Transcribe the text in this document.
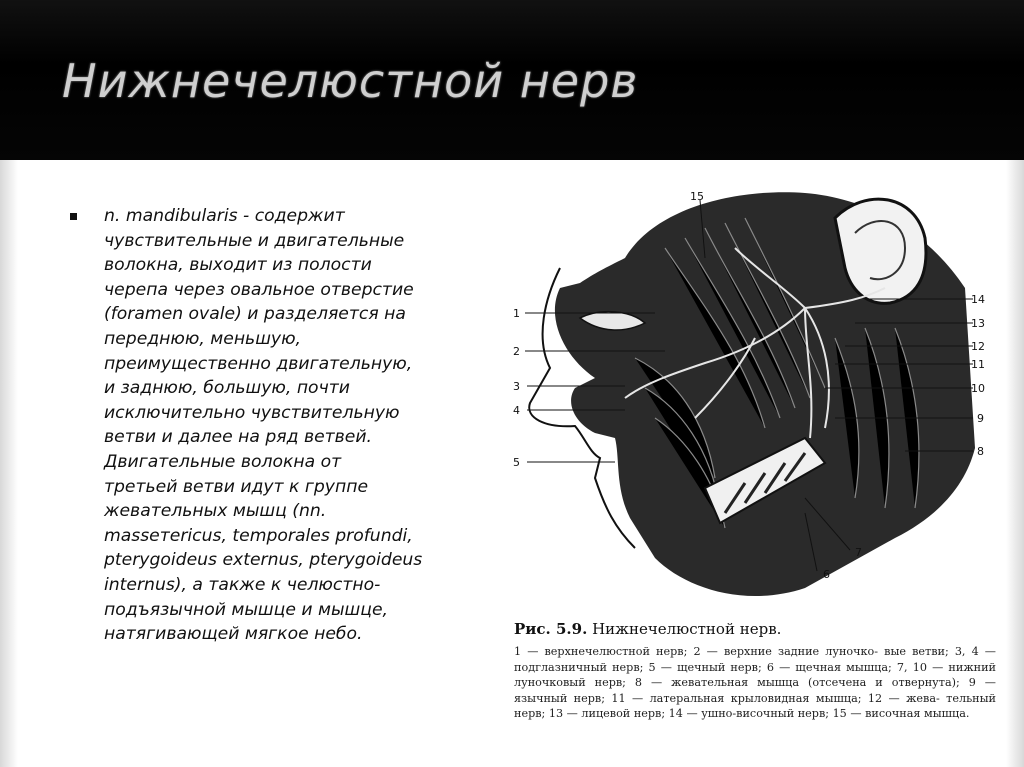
Нижнечелюстной нерв
n. mandibularis - содержит
чувствительные и двигательные
волокна, выходит из полости
черепа через овальное отверстие
(foramen ovale) и разделяется на
переднюю, меньшую,
преимущественно двигательную,
и заднюю, большую, почти
исключительно чувствительную
ветви и далее на ряд ветвей.
Двигательные волокна от
третьей ветви идут к группе
жевательных мышц (nn.
masseтericus, temporales profundi,
pterygoideus externus, pterygoideus
internus), а также к челюстно-
подъязычной мышце и мышце,
натягивающей мягкое небо.
1
2
3
4
5
6
7
8
9
10
11
12
13
14
15
Рис. 5.9. Нижнечелюстной нерв.
1 — верхнечелюстной нерв; 2 — верхние задние луночко- вые ветви; 3, 4 — подглазничный нерв; 5 — щечный нерв; 6 — щечная мышца; 7, 10 — нижний луночковый нерв; 8 — жевательная мышца (отсечена и отвернута); 9 — язычный нерв; 11 — латеральная крыловидная мышца; 12 — жева- тельный нерв; 13 — лицевой нерв; 14 — ушно-височный нерв; 15 — височная мышца.
